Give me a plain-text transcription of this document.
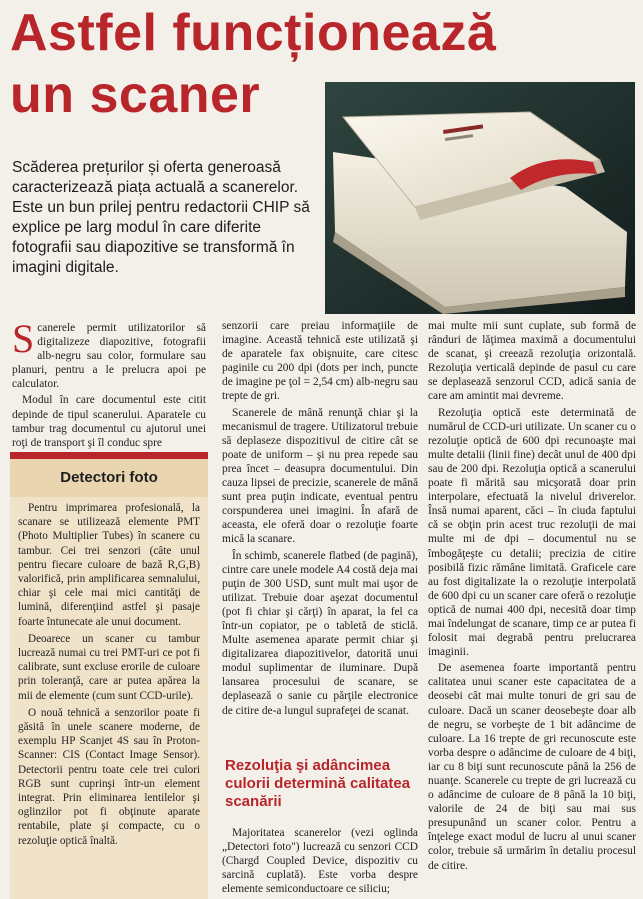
Astfel funcționează
un scaner
Scăderea prețurilor și oferta generoasă caracterizează piața actuală a scanerelor. Este un bun prilej pentru redactorii CHIP să explice pe larg modul în care diferite fotografii sau diapozitive se transformă în imagini digitale.

Scanerele permit utilizatorilor să digitalizeze diapozitive, fotografii alb-negru sau color, formulare sau planuri, pentru a le prelucra apoi pe calculator.

Modul în care documentul este citit depinde de tipul scanerului. Aparatele cu tambur trag documentul cu ajutorul unei roţi de transport şi îl conduc spre

Detectori foto

Pentru imprimarea profesională, la scanare se utilizează elemente PMT (Photo Multiplier Tubes) în scanere cu tambur. Cei trei senzori (câte unul pentru fiecare culoare de bază R,G,B) valorifică, prin amplificarea semnalului, chiar şi cele mai mici cantităţi de lumină, diferenţiind astfel şi pasaje foarte întunecate ale unui document.

Deoarece un scaner cu tambur lucrează numai cu trei PMT-uri ce pot fi calibrate, sunt excluse erorile de culoare prin toleranţă, care ar putea apărea la mii de elemente (cum sunt CCD-urile).

O nouă tehnică a senzorilor poate fi găsită în unele scanere moderne, de exemplu HP Scanjet 4S sau în Proton-Scanner: CIS (Contact Image Sensor). Detectorii pentru toate cele trei culori RGB sunt cuprinşi într-un element integrat. Prin eliminarea lentilelor şi oglinzilor pot fi obţinute aparate rentabile, plate şi compacte, cu o rezoluţie optică înaltă.

senzorii care preiau informaţiile de imagine. Această tehnică este utilizată şi de aparatele fax obişnuite, care citesc paginile cu 200 dpi (dots per inch, puncte de imagine pe ţol = 2,54 cm) alb-negru sau trepte de gri.

Scanerele de mână renunţă chiar şi la mecanismul de tragere. Utilizatorul trebuie să deplaseze dispozitivul de citire cât se poate de uniform – şi nu prea repede sau prea încet – deasupra documentului. Din cauza lipsei de precizie, scanerele de mână sunt prea puţin indicate, eventual pentru corspunderea unei imagini. În afară de aceasta, ele oferă doar o rezoluţie foarte mică la scanare.

În schimb, scanerele flatbed (de pagină), cintre care unele modele A4 costă deja mai puţin de 300 USD, sunt mult mai uşor de utilizat. Trebuie doar aşezat documentul (pot fi chiar şi cărţi) în aparat, la fel ca într-un copiator, pe o tabletă de sticlă. Multe asemenea aparate permit chiar şi digitalizarea diapozitivelor, datorită unui modul suplimentar de iluminare. După lansarea procesului de scanare, se deplasează o sanie cu părţile electronice de citire de-a lungul suprafeţei de scanat.

Rezoluţia şi adâncimea culorii determină calitatea scanării

Majoritatea scanerelor (vezi oglinda „Detectori foto") lucrează cu senzori CCD (Chargd Coupled Device, dispozitiv cu sarcină cuplată). Este vorba despre elemente semiconductoare ce siliciu;

mai multe mii sunt cuplate, sub formă de rânduri de lăţimea maximă a documentului de scanat, şi creează rezoluţia orizontală. Rezoluţia verticală depinde de pasul cu care se deplasează senzorul CCD, adică sania de care am amintit mai devreme.

Rezoluţia optică este determinată de numărul de CCD-uri utilizate. Un scaner cu o rezoluţie optică de 600 dpi recunoaşte mai multe detalii (linii fine) decât unul de 400 dpi sau de 200 dpi. Rezoluţia optică a scanerului poate fi mărită sau micşorată doar prin interpolare, efectuată la nivelul driverelor. Însă numai aparent, căci – în ciuda faptului că se obţin prin acest truc rezoluţii de mai multe mi de dpi – documentul nu se îmbogăţeşte cu detalii; precizia de citire posibilă fizic rămâne limitată. Graficele care au fost digitalizate la o rezoluţie interpolată de 600 dpi cu un scaner care oferă o rezoluţie optică de numai 400 dpi, necesită doar timp mai îndelungat de scanare, timp ce ar putea fi folosit mai degrabă pentru prelucrarea imaginii.

De asemenea foarte importantă pentru calitatea unui scaner este capacitatea de a deosebi cât mai multe tonuri de gri sau de culoare. Dacă un scaner deosebeşte doar alb de negru, se vorbeşte de 1 bit adâncime de culoare. La 16 trepte de gri recunoscute este vorba despre o adâncime de culoare de 4 biţi, iar cu 8 biţi sunt recunoscute până la 256 de nuanţe. Scanerele cu trepte de gri lucrează cu o adâncime de culoare de 8 până la 10 biţi, valorile de 24 de biţi sau mai sus presupunând un scaner color. Pentru a înţelege exact modul de lucru al unui scaner color, trebuie să urmărim în detaliu procesul de citire.
